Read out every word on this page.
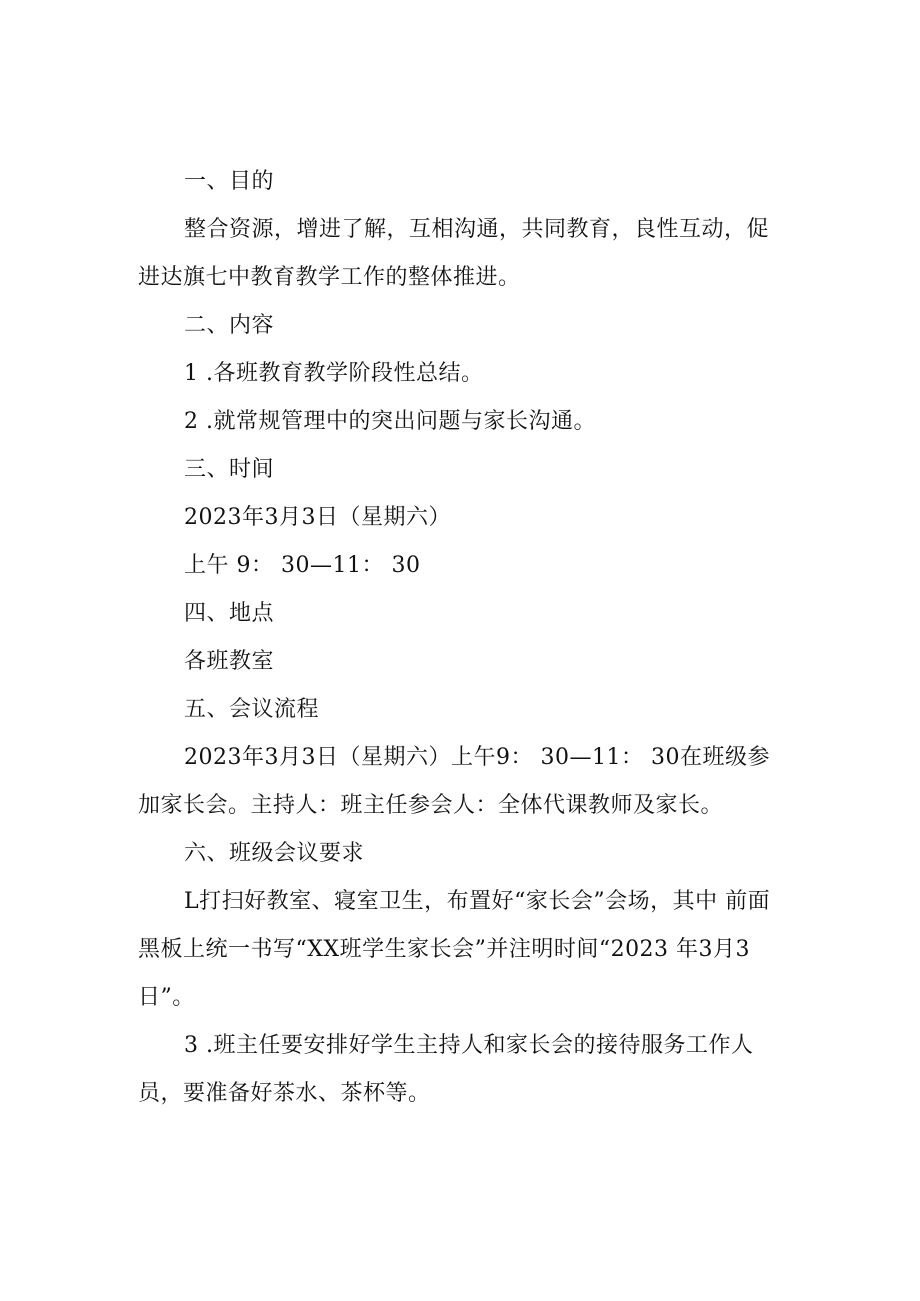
一、目的

整合资源，增进了解，互相沟通，共同教育，良性互动，促进达旗七中教育教学工作的整体推进。

二、内容

1 .各班教育教学阶段性总结。

2 .就常规管理中的突出问题与家长沟通。

三、时间

2023年3月3日（星期六）

上午 9： 30—11： 30

四、地点

各班教室

五、会议流程

2023年3月3日（星期六）上午9： 30—11： 30在班级参 加家长会。主持人：班主任参会人：全体代课教师及家长。

六、班级会议要求

L打扫好教室、寝室卫生，布置好“家长会”会场，其中 前面黑板上统一书写“XX班学生家长会”并注明时间“2023 年3月3日”。

3 .班主任要安排好学生主持人和家长会的接待服务工作人员，要准备好茶水、茶杯等。
